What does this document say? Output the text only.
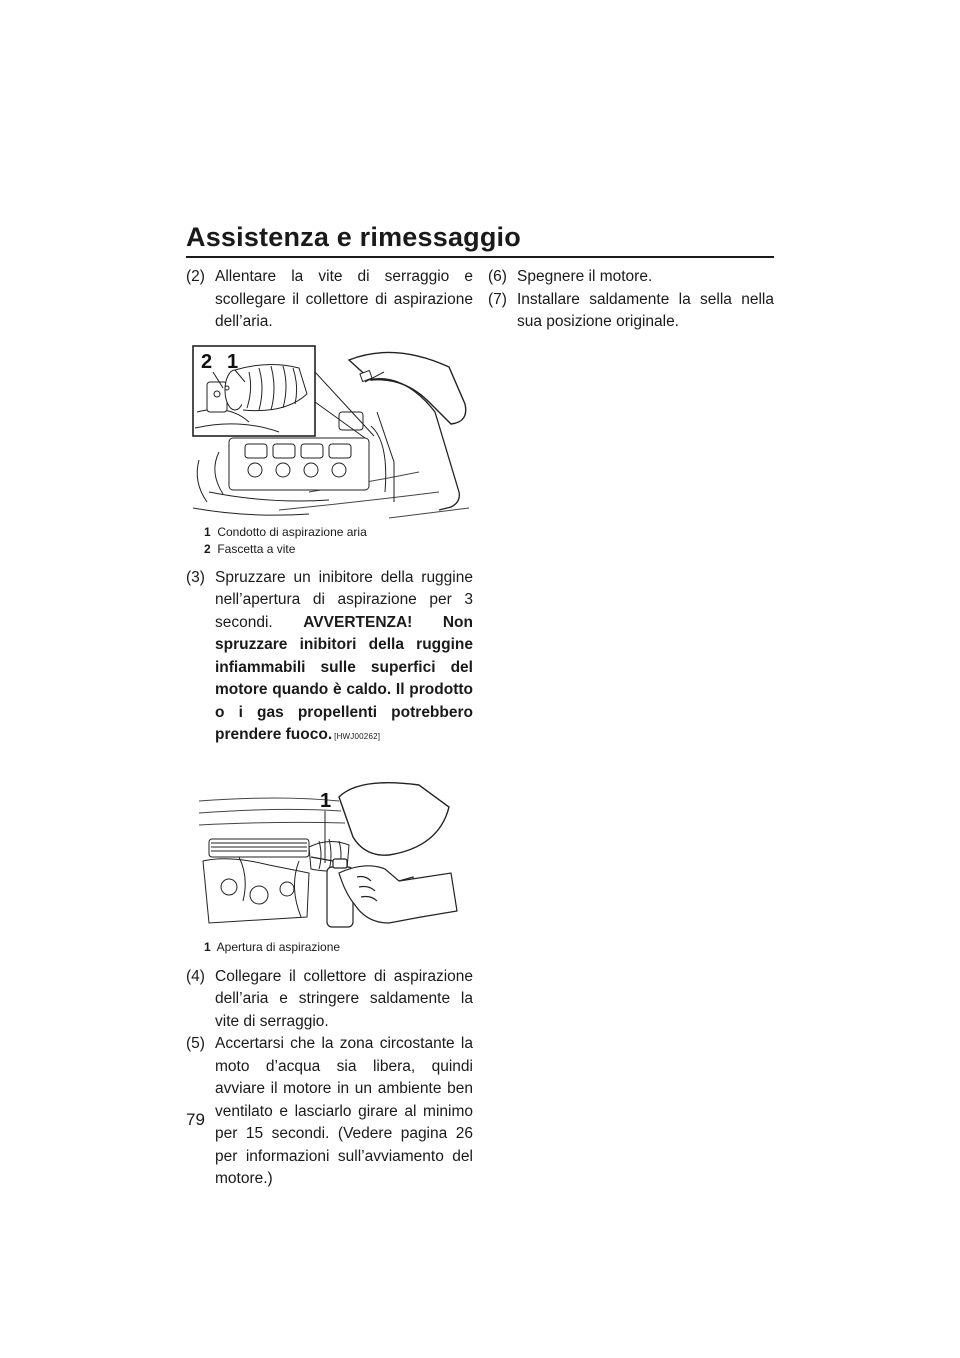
Assistenza e rimessaggio
(2) Allentare la vite di serraggio e scollegare il collettore di aspirazione dell’aria.
2 1
1 Condotto di aspirazione aria
2 Fascetta a vite
(3) Spruzzare un inibitore della ruggine nell’apertura di aspirazione per 3 secondi. AVVERTENZA! Non spruzzare inibitori della ruggine infiammabili sulle superfici del motore quando è caldo. Il prodotto o i gas propellenti potrebbero prendere fuoco. [HWJ00262]
1
1 Apertura di aspirazione
(4) Collegare il collettore di aspirazione dell’aria e stringere saldamente la vite di serraggio.
(5) Accertarsi che la zona circostante la moto d’acqua sia libera, quindi avviare il motore in un ambiente ben ventilato e lasciarlo girare al minimo per 15 secondi. (Vedere pagina 26 per informazioni sull’avviamento del motore.)
(6) Spegnere il motore.
(7) Installare saldamente la sella nella sua posizione originale.
79
